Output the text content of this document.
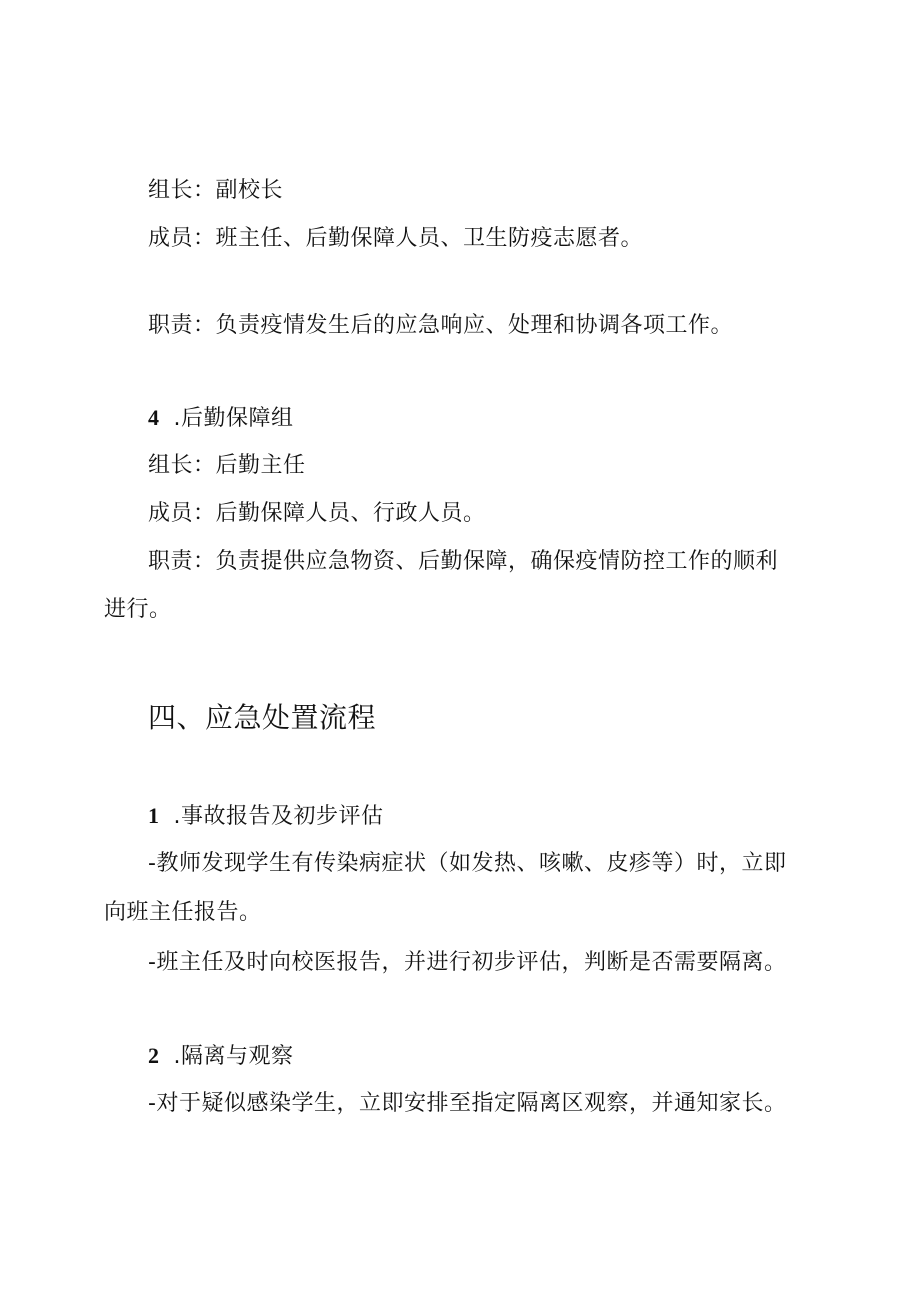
组长：副校长
成员：班主任、后勤保障人员、卫生防疫志愿者。
职责：负责疫情发生后的应急响应、处理和协调各项工作。
4 .后勤保障组
组长：后勤主任
成员：后勤保障人员、行政人员。
职责：负责提供应急物资、后勤保障，确保疫情防控工作的顺利
进行。
四、应急处置流程
1 .事故报告及初步评估
-教师发现学生有传染病症状（如发热、咳嗽、皮疹等）时，立即
向班主任报告。
-班主任及时向校医报告，并进行初步评估，判断是否需要隔离。
2 .隔离与观察
-对于疑似感染学生，立即安排至指定隔离区观察，并通知家长。
